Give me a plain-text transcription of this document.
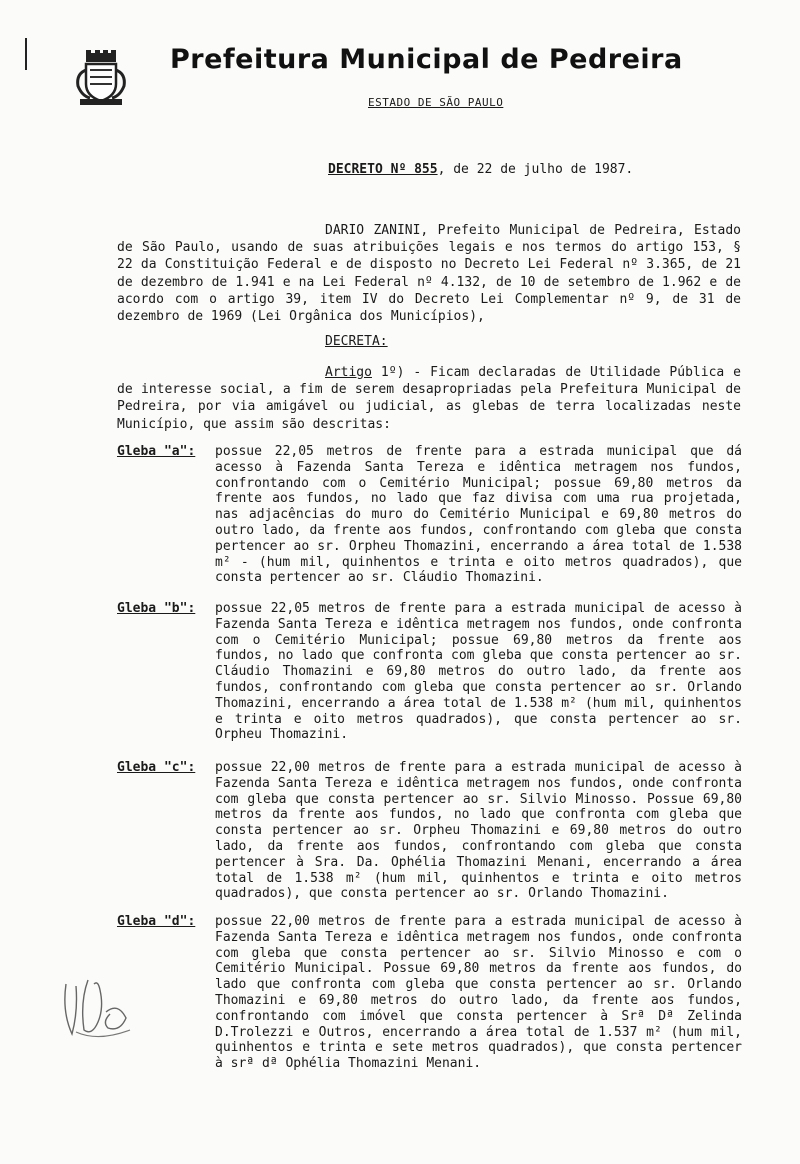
Prefeitura Municipal de Pedreira
ESTADO DE SÃO PAULO
DECRETO Nº 855, de 22 de julho de 1987.

DARIO ZANINI, Prefeito Municipal de Pedreira, Estado de São Paulo, usando de suas atribuições legais e nos termos do artigo 153, § 22 da Constituição Federal e de disposto no Decreto Lei Federal nº 3.365, de 21 de dezembro de 1.941 e na Lei Federal nº 4.132, de 10 de setembro de 1.962 e de acordo com o artigo 39, item IV do Decreto Lei Complementar nº 9, de 31 de dezembro de 1969 (Lei Orgânica dos Municípios),

DECRETA:

Artigo 1º) - Ficam declaradas de Utilidade Pública e de interesse social, a fim de serem desapropriadas pela Prefeitura Municipal de Pedreira, por via amigável ou judicial, as glebas de terra localizadas neste Município, que assim são descritas:

Gleba "a": possue 22,05 metros de frente para a estrada municipal que dá acesso à Fazenda Santa Tereza e idêntica metragem nos fundos, confrontando com o Cemitério Municipal; possue 69,80 metros da frente aos fundos, no lado que faz divisa com uma rua projetada, nas adjacências do muro do Cemitério Municipal e 69,80 metros do outro lado, da frente aos fundos, confrontando com gleba que consta pertencer ao sr. Orpheu Thomazini, encerrando a área total de 1.538 m² - (hum mil, quinhentos e trinta e oito metros quadrados), que consta pertencer ao sr. Cláudio Thomazini.
Gleba "b": possue 22,05 metros de frente para a estrada municipal de acesso à Fazenda Santa Tereza e idêntica metragem nos fundos, onde confronta com o Cemitério Municipal; possue 69,80 metros da frente aos fundos, no lado que confronta com gleba que consta pertencer ao sr. Cláudio Thomazini e 69,80 metros do outro lado, da frente aos fundos, confrontando com gleba que consta pertencer ao sr. Orlando Thomazini, encerrando a área total de 1.538 m² (hum mil, quinhentos e trinta e oito metros quadrados), que consta pertencer ao sr. Orpheu Thomazini.
Gleba "c": possue 22,00 metros de frente para a estrada municipal de acesso à Fazenda Santa Tereza e idêntica metragem nos fundos, onde confronta com gleba que consta pertencer ao sr. Silvio Minosso. Possue 69,80 metros da frente aos fundos, no lado que confronta com gleba que consta pertencer ao sr. Orpheu Thomazini e 69,80 metros do outro lado, da frente aos fundos, confrontando com gleba que consta pertencer à Sra. Da. Ophélia Thomazini Menani, encerrando a área total de 1.538 m² (hum mil, quinhentos e trinta e oito metros quadrados), que consta pertencer ao sr. Orlando Thomazini.
Gleba "d": possue 22,00 metros de frente para a estrada municipal de acesso à Fazenda Santa Tereza e idêntica metragem nos fundos, onde confronta com gleba que consta pertencer ao sr. Silvio Minosso e com o Cemitério Municipal. Possue 69,80 metros da frente aos fundos, do lado que confronta com gleba que consta pertencer ao sr. Orlando Thomazini e 69,80 metros do outro lado, da frente aos fundos, confrontando com imóvel que consta pertencer à Srª Dª Zelinda D.Trolezzi e Outros, encerrando a área total de 1.537 m² (hum mil, quinhentos e trinta e sete metros quadrados), que consta pertencer à srª dª Ophélia Thomazini Menani.
